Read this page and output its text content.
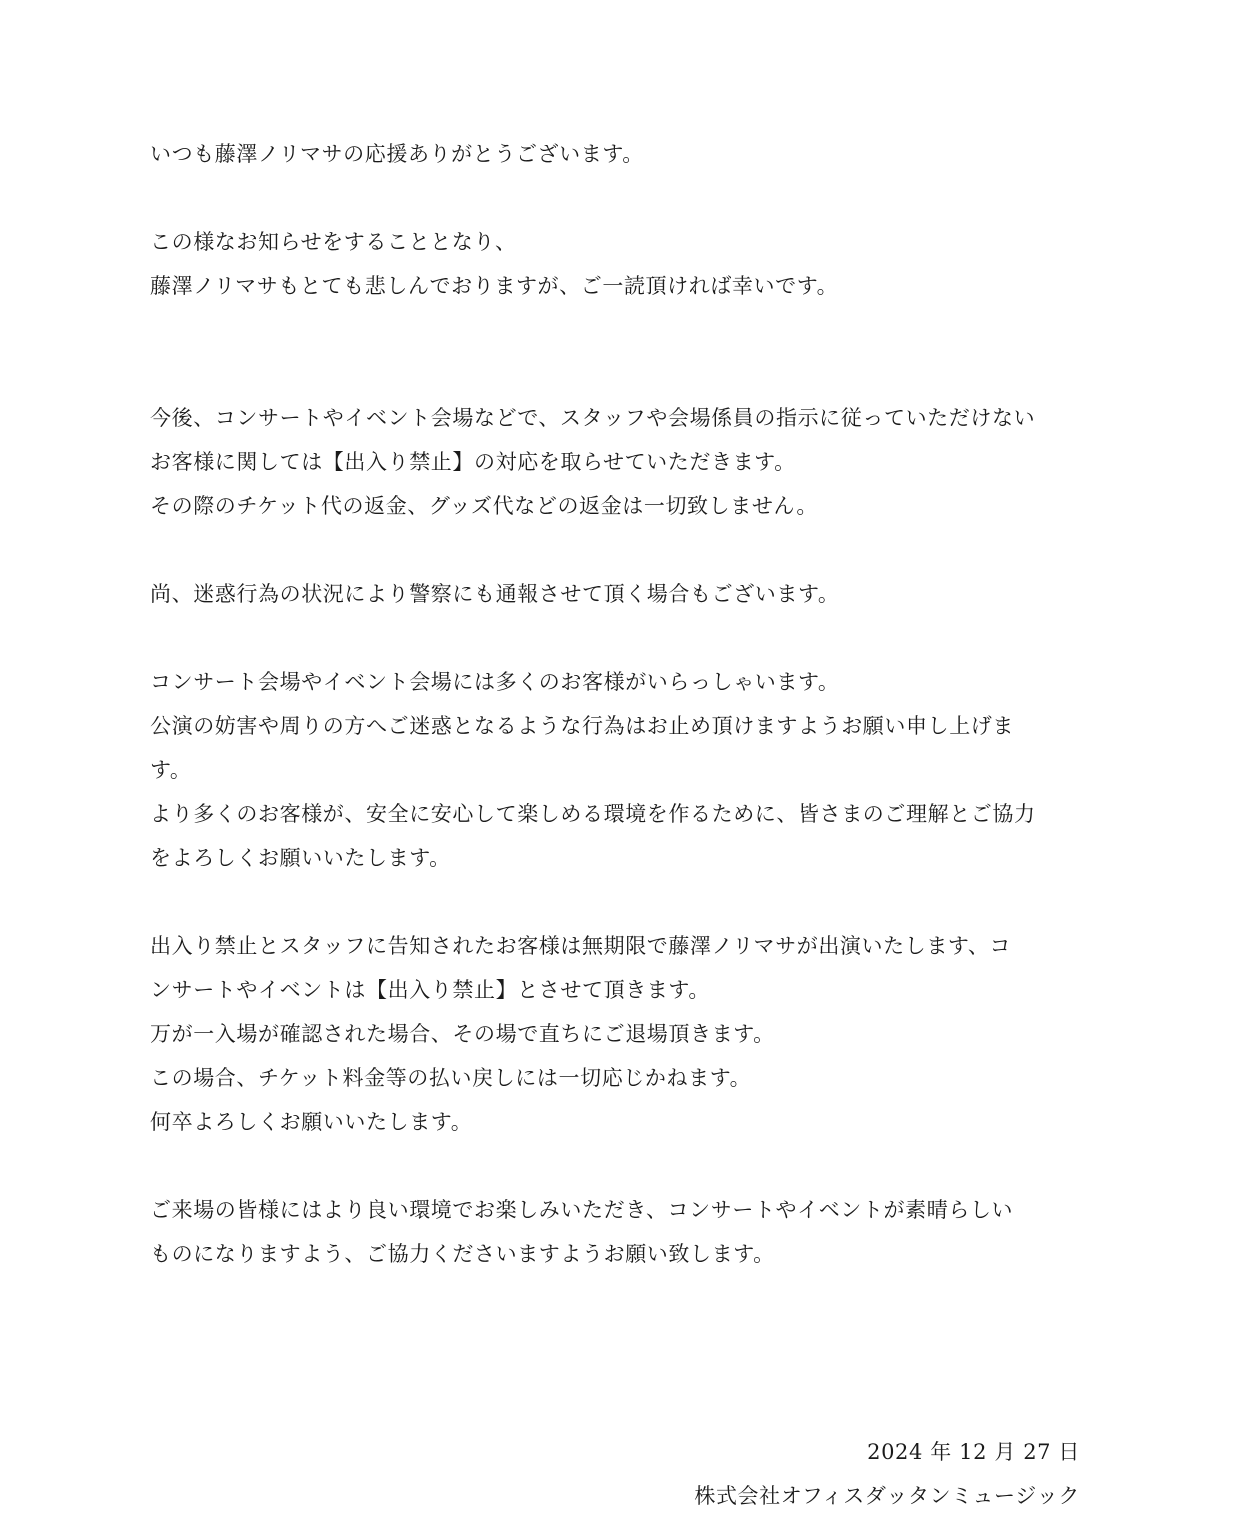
いつも藤澤ノリマサの応援ありがとうございます。
この様なお知らせをすることとなり、
藤澤ノリマサもとても悲しんでおりますが、ご一読頂ければ幸いです。
今後、コンサートやイベント会場などで、スタッフや会場係員の指示に従っていただけない
お客様に関しては【出入り禁止】の対応を取らせていただきます。
その際のチケット代の返金、グッズ代などの返金は一切致しません。
尚、迷惑行為の状況により警察にも通報させて頂く場合もございます。
コンサート会場やイベント会場には多くのお客様がいらっしゃいます。
公演の妨害や周りの方へご迷惑となるような行為はお止め頂けますようお願い申し上げま
す。
より多くのお客様が、安全に安心して楽しめる環境を作るために、皆さまのご理解とご協力
をよろしくお願いいたします。
出入り禁止とスタッフに告知されたお客様は無期限で藤澤ノリマサが出演いたします、コ
ンサートやイベントは【出入り禁止】とさせて頂きます。
万が一入場が確認された場合、その場で直ちにご退場頂きます。
この場合、チケット料金等の払い戻しには一切応じかねます。
何卒よろしくお願いいたします。
ご来場の皆様にはより良い環境でお楽しみいただき、コンサートやイベントが素晴らしい
ものになりますよう、ご協力くださいますようお願い致します。
2024 年 12 月 27 日
株式会社オフィスダッタンミュージック
